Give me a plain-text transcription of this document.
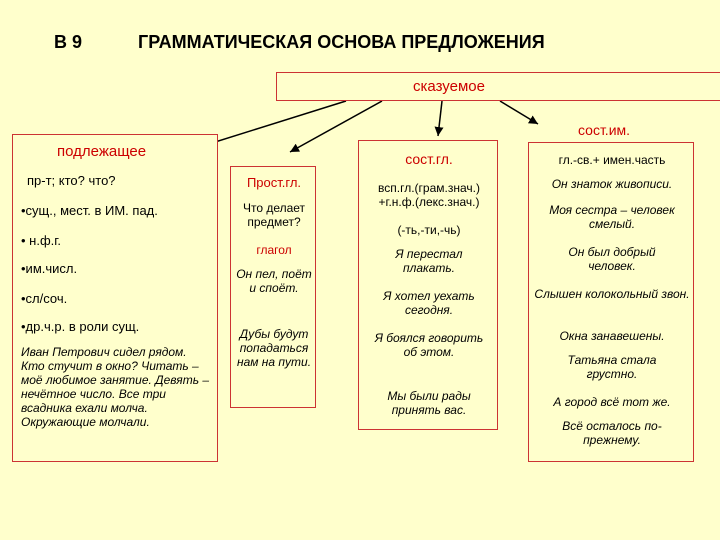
В 9	ГРАММАТИЧЕСКАЯ ОСНОВА ПРЕДЛОЖЕНИЯ
сказуемое
подлежащее
пр-т; кто? что?
•сущ., мест. в ИМ. пад.
• н.ф.г.
•им.числ.
•сл/соч.
•др.ч.р. в роли сущ.
Иван Петрович сидел рядом. Кто стучит в окно? Читать – моё любимое занятие. Девять – нечётное число. Все три всадника ехали молча. Окружающие молчали.
Прост.гл.
Что делает предмет?
глагол
Он пел, поёт и споёт.
Дубы будут попадаться нам на пути.
сост.гл.
всп.гл.(грам.знач.) +г.н.ф.(лекс.знач.)
(-ть,-ти,-чь)
Я перестал плакать.
Я хотел уехать сегодня.
Я боялся говорить об этом.
Мы были рады принять вас.
сост.им.
гл.-св.+ имен.часть
Он знаток живописи.
Моя сестра – человек смелый.
Он был добрый человек.
Слышен колокольный звон.
Окна занавешены.
Татьяна стала грустно.
А город всё тот же.
Всё осталось по-прежнему.
